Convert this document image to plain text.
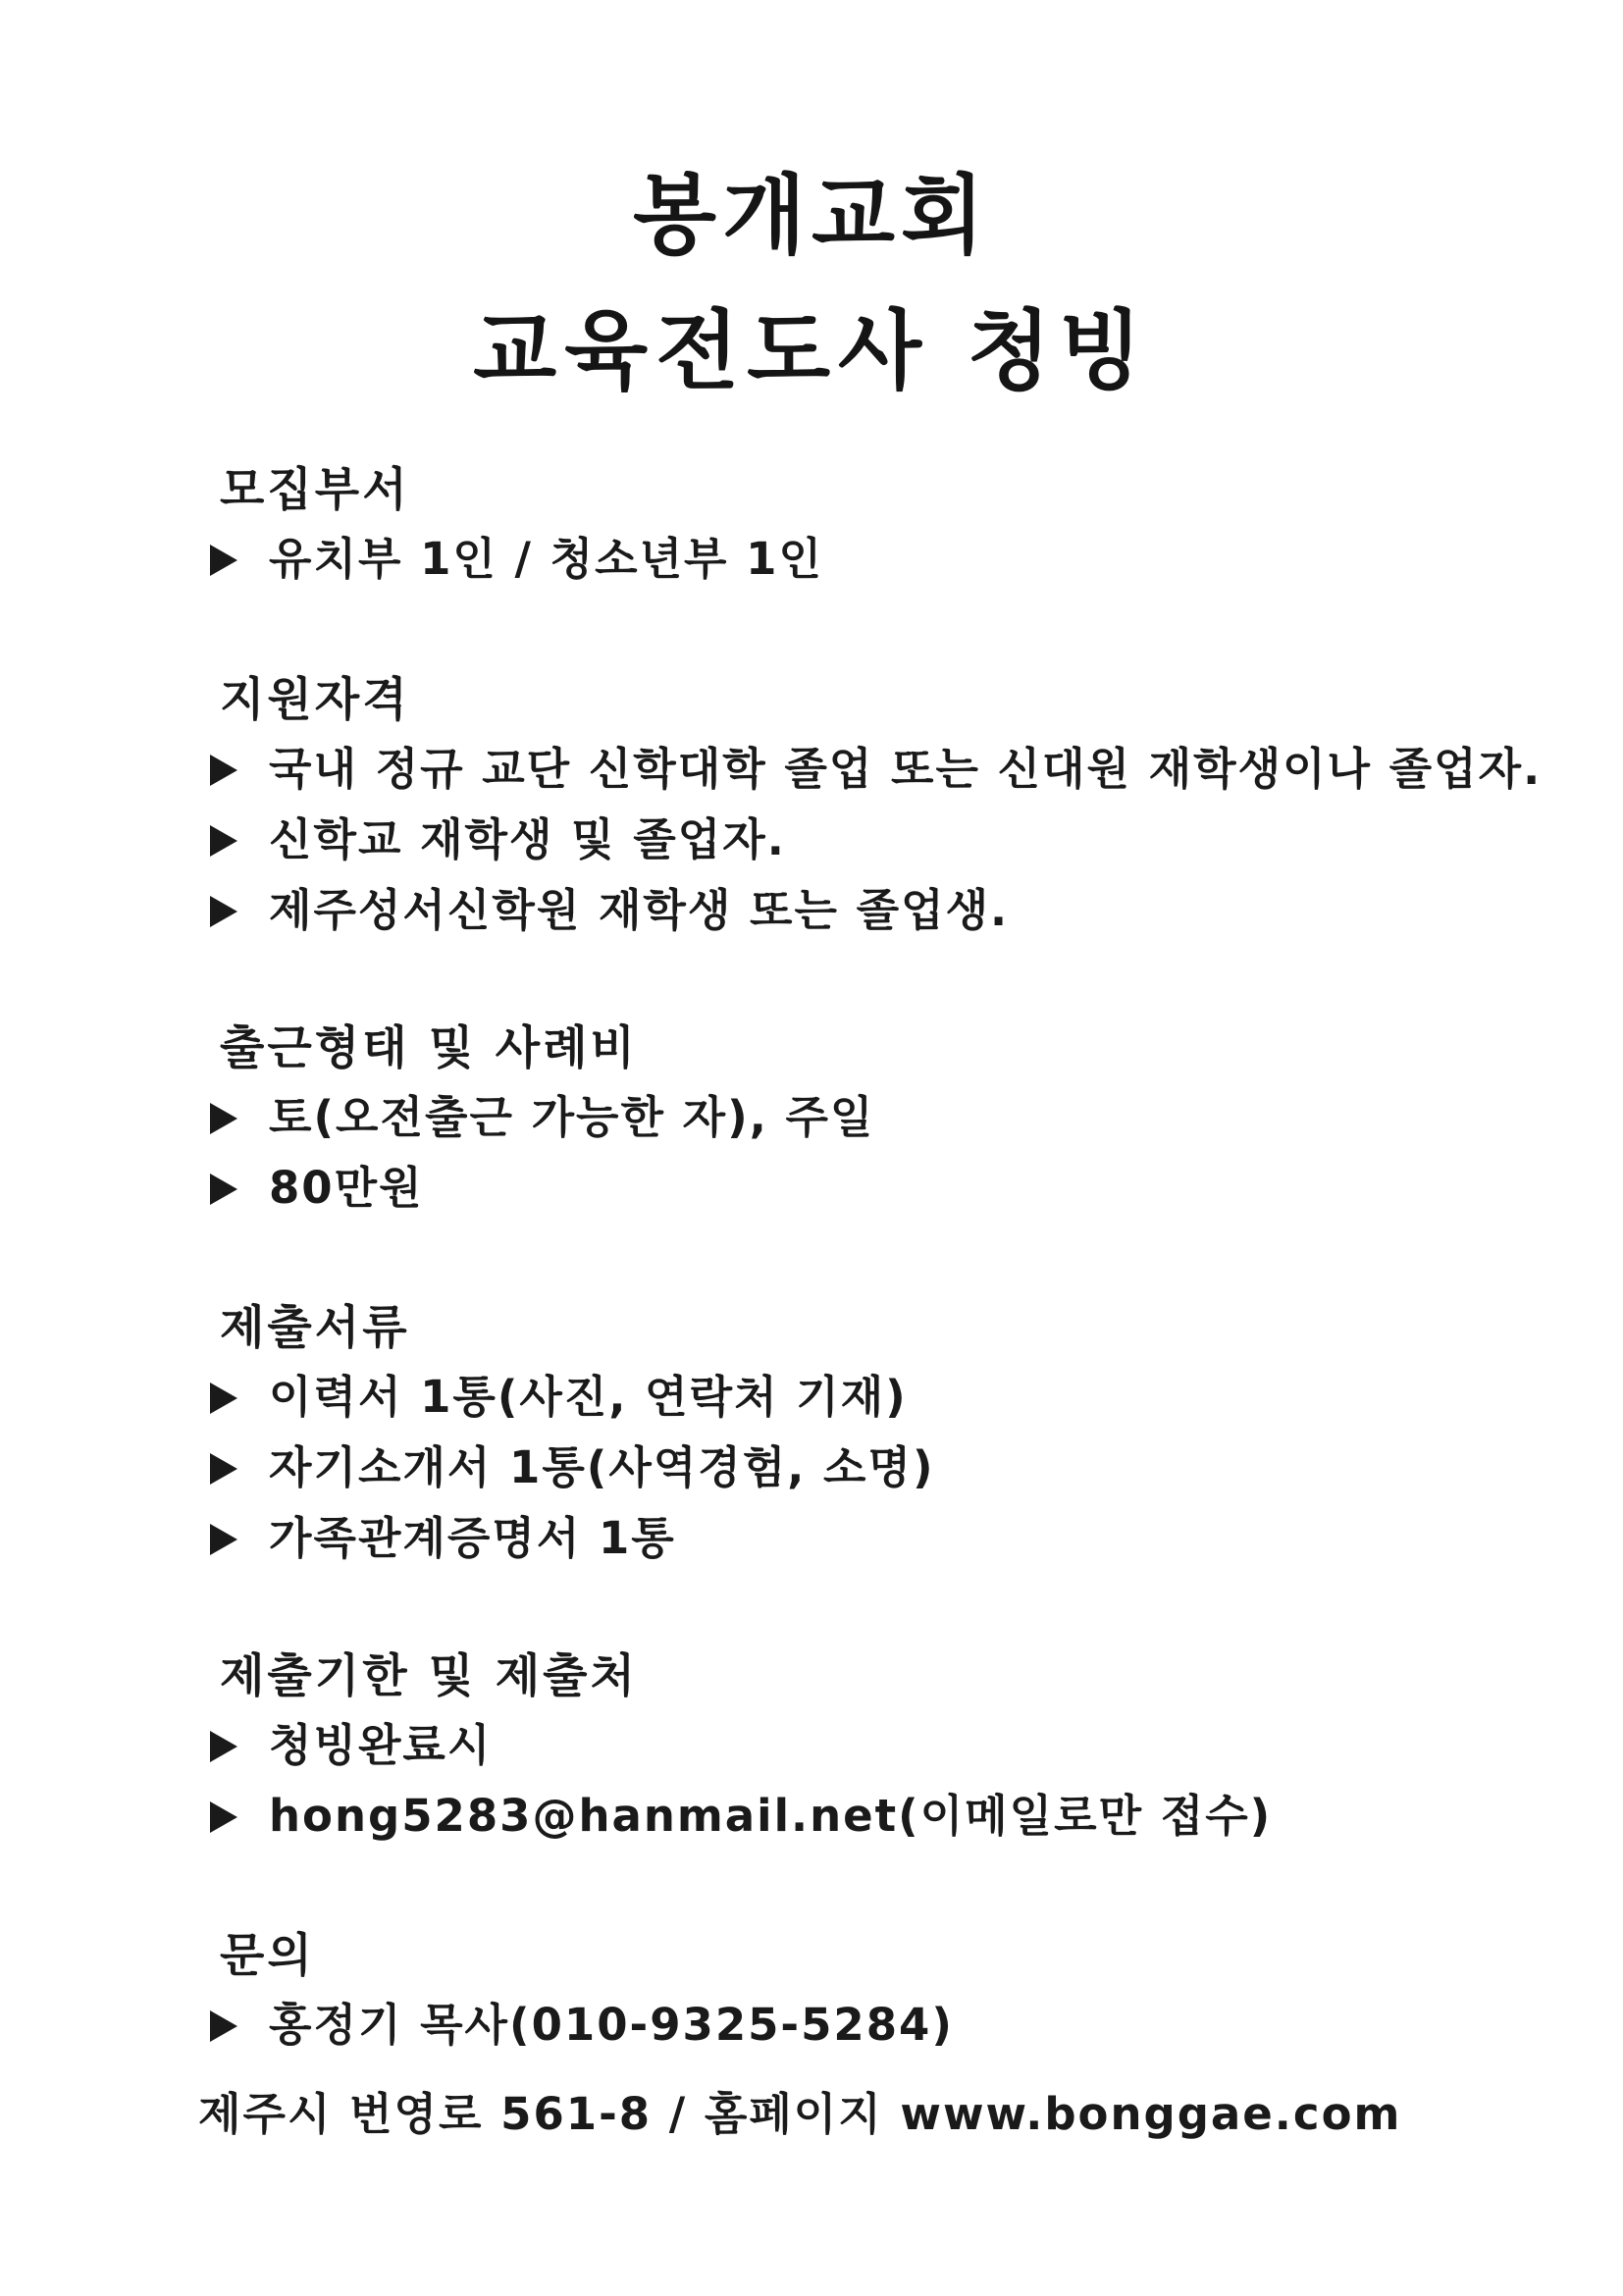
봉개교회
교육전도사 청빙
모집부서
유치부 1인 / 청소년부 1인
지원자격
국내 정규 교단 신학대학 졸업 또는 신대원 재학생이나 졸업자.
신학교 재학생 및 졸업자.
제주성서신학원 재학생 또는 졸업생.
출근형태 및 사례비
토(오전출근 가능한 자), 주일
80만원
제출서류
이력서 1통(사진, 연락처 기재)
자기소개서 1통(사역경험, 소명)
가족관계증명서 1통
제출기한 및 제출처
청빙완료시
hong5283@hanmail.net(이메일로만 접수)
문의
홍정기 목사(010-9325-5284)
제주시 번영로 561-8 / 홈페이지 www.bonggae.com
